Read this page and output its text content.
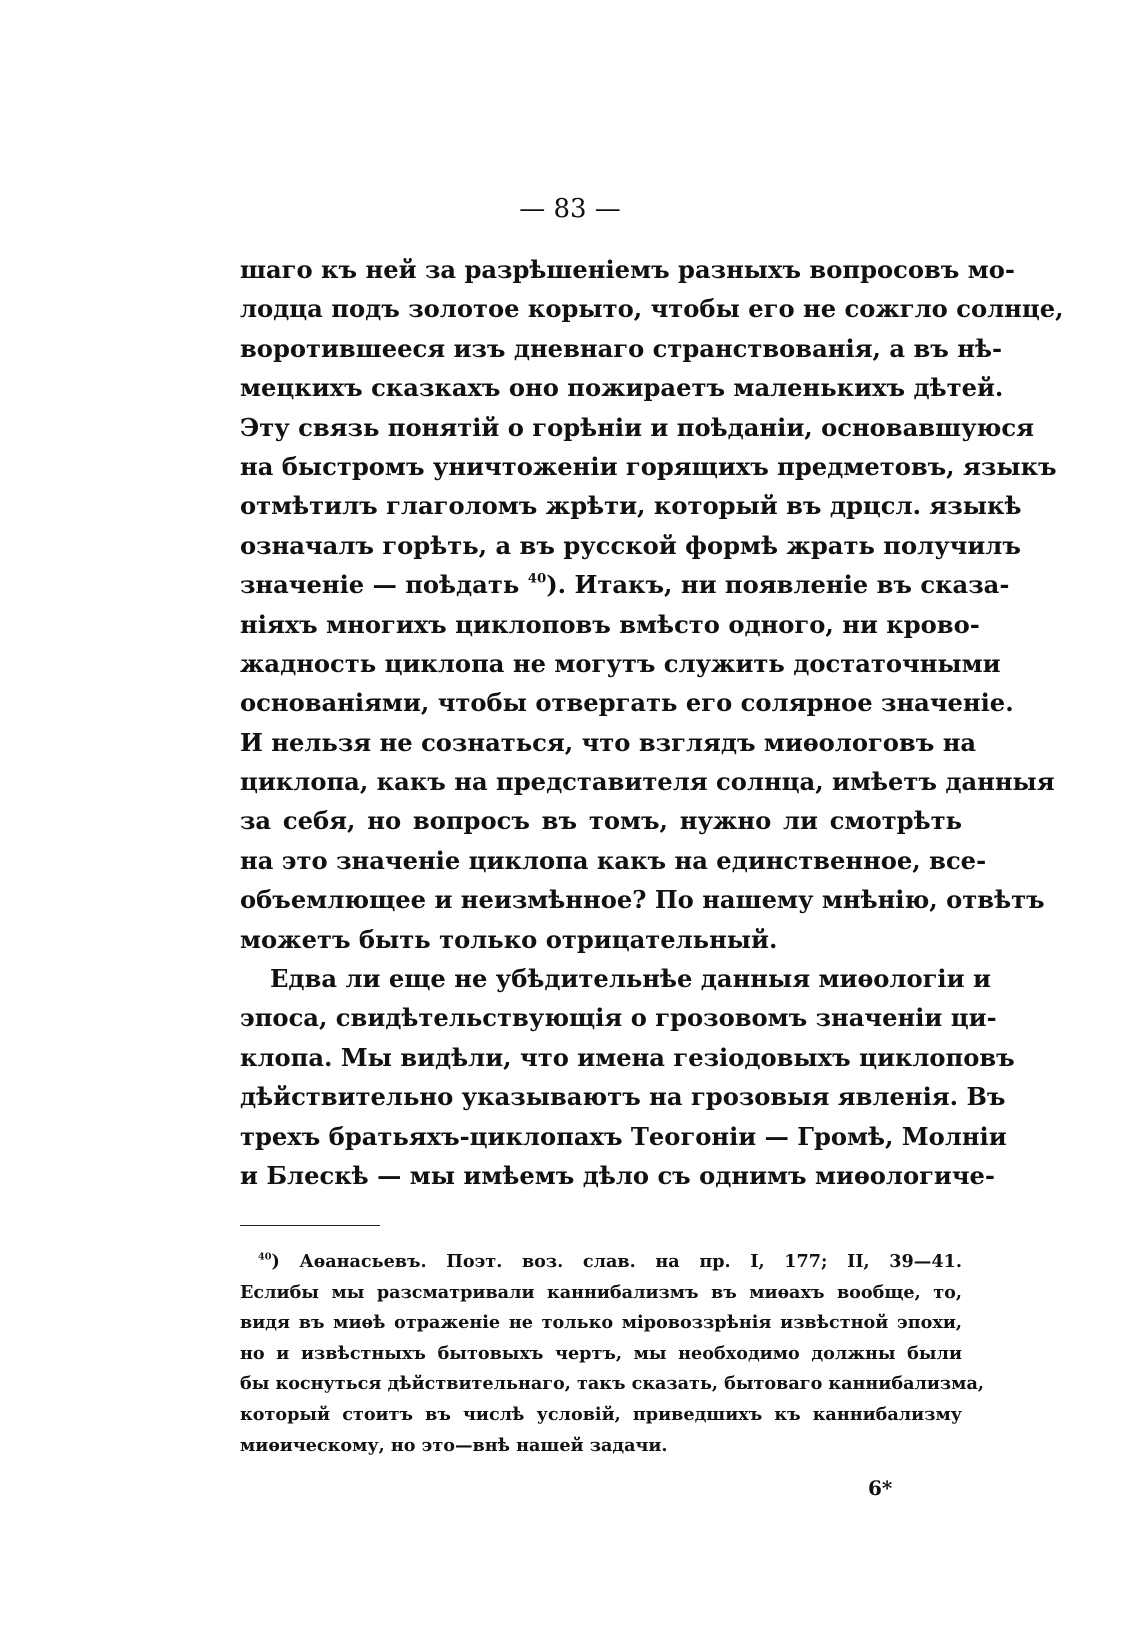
— 83 —
шаго къ ней за разрѣшеніемъ разныхъ вопросовъ мо-
лодца подъ золотое корыто, чтобы его не сожгло солнце,
воротившееся изъ дневнаго странствованія, а въ нѣ-
мецкихъ сказкахъ оно пожираетъ маленькихъ дѣтей.
Эту связь понятій о горѣніи и поѣданіи, основавшуюся
на быстромъ уничтоженіи горящихъ предметовъ, языкъ
отмѣтилъ глаголомъ жрѣти, который въ дрцсл. языкѣ
означалъ горѣть, а въ русской формѣ жрать получилъ
значеніе — поѣдать $^{40}$). Итакъ, ни появленіе въ сказа-
ніяхъ многихъ циклоповъ вмѣсто одного, ни крово-
жадность циклопа не могутъ служить достаточными
основаніями, чтобы отвергать его солярное значеніе.
И нельзя не сознаться, что взглядъ миѳологовъ на
циклопа, какъ на представителя солнца, имѣетъ данныя
за себя, но вопросъ въ томъ, нужно ли смотрѣть
на это значеніе циклопа какъ на единственное, все-
объемлющее и неизмѣнное? По нашему мнѣнію, отвѣтъ
можетъ быть только отрицательный.
Едва ли еще не убѣдительнѣе данныя миѳологіи и
эпоса, свидѣтельствующія о грозовомъ значеніи ци-
клопа. Мы видѣли, что имена гезіодовыхъ циклоповъ
дѣйствительно указываютъ на грозовыя явленія. Въ
трехъ братьяхъ-циклопахъ Теогоніи — Громѣ, Молніи
и Блескѣ — мы имѣемъ дѣло съ однимъ миѳологиче-
$^{40}$) Аѳанасьевъ. Поэт. воз. слав. на пр. I, 177; II, 39—41.
Еслибы мы разсматривали каннибализмъ въ миѳахъ вообще, то,
видя въ миѳѣ отраженіе не только міровоззрѣнія извѣстной эпохи,
но и извѣстныхъ бытовыхъ чертъ, мы необходимо должны были
бы коснуться дѣйствительнаго, такъ сказать, бытоваго каннибализма,
который стоитъ въ числѣ условій, приведшихъ къ каннибализму
миѳическому, но это—внѣ нашей задачи.
6*
